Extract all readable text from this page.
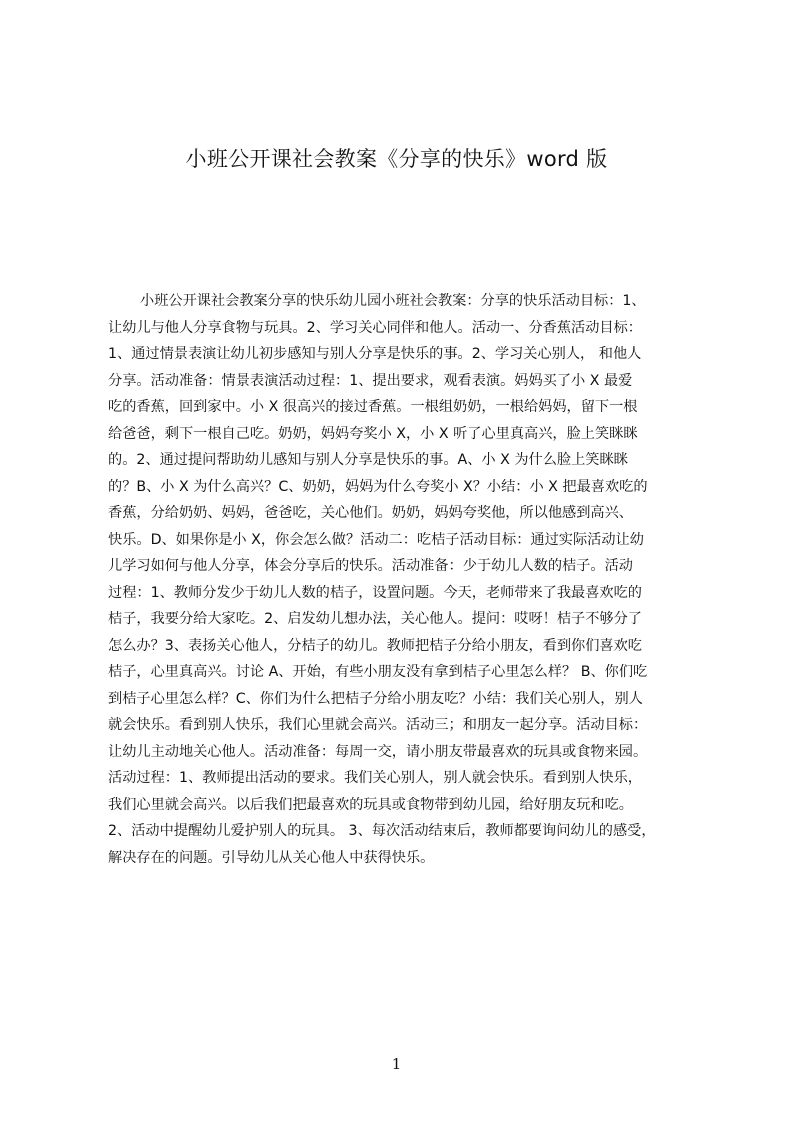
小班公开课社会教案《分享的快乐》word 版
小班公开课社会教案分享的快乐幼儿园小班社会教案：分享的快乐活动目标：1、
让幼儿与他人分享食物与玩具。2、学习关心同伴和他人。活动一、分香蕉活动目标：
1、通过情景表演让幼儿初步感知与别人分享是快乐的事。2、学习关心别人， 和他人
分享。活动准备：情景表演活动过程：1、提出要求，观看表演。妈妈买了小 X 最爱
吃的香蕉，回到家中。小 X 很高兴的接过香蕉。一根组奶奶，一根给妈妈，留下一根
给爸爸，剩下一根自己吃。奶奶，妈妈夸奖小 X，小 X 听了心里真高兴，脸上笑眯眯
的。2、通过提问帮助幼儿感知与别人分享是快乐的事。A、小 X 为什么脸上笑眯眯
的？B、小 X 为什么高兴？C、奶奶，妈妈为什么夸奖小 X？小结：小 X 把最喜欢吃的
香蕉，分给奶奶、妈妈，爸爸吃，关心他们。奶奶，妈妈夸奖他，所以他感到高兴、
快乐。D、如果你是小 X，你会怎么做？活动二：吃桔子活动目标：通过实际活动让幼
儿学习如何与他人分享，体会分享后的快乐。活动准备：少于幼儿人数的桔子。活动
过程：1、教师分发少于幼儿人数的桔子，设置问题。今天，老师带来了我最喜欢吃的
桔子，我要分给大家吃。2、启发幼儿想办法，关心他人。提问：哎呀！桔子不够分了
怎么办？3、表扬关心他人，分桔子的幼儿。教师把桔子分给小朋友，看到你们喜欢吃
桔子，心里真高兴。讨论 A、开始，有些小朋友没有拿到桔子心里怎么样？ B、你们吃
到桔子心里怎么样？C、你们为什么把桔子分给小朋友吃？小结：我们关心别人，别人
就会快乐。看到别人快乐，我们心里就会高兴。活动三；和朋友一起分享。活动目标：
让幼儿主动地关心他人。活动准备：每周一交，请小朋友带最喜欢的玩具或食物来园。
活动过程：1、教师提出活动的要求。我们关心别人，别人就会快乐。看到别人快乐，
我们心里就会高兴。以后我们把最喜欢的玩具或食物带到幼儿园，给好朋友玩和吃。
2、活动中提醒幼儿爱护别人的玩具。 3、每次活动结束后，教师都要询问幼儿的感受，
解决存在的问题。引导幼儿从关心他人中获得快乐。
1
